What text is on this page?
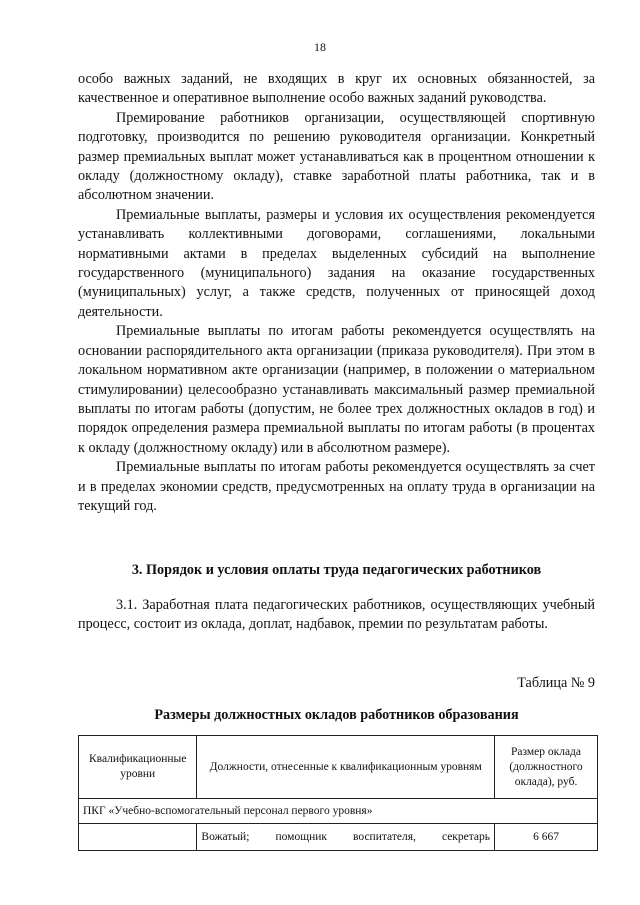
18

особо важных заданий, не входящих в круг их основных обязанностей, за качественное и оперативное выполнение особо важных заданий руководства.

Премирование работников организации, осуществляющей спортивную подготовку, производится по решению руководителя организации. Конкретный размер премиальных выплат может устанавливаться как в процентном отношении к окладу (должностному окладу), ставке заработной платы работника, так и в абсолютном значении.

Премиальные выплаты, размеры и условия их осуществления рекомендуется устанавливать коллективными договорами, соглашениями, локальными нормативными актами в пределах выделенных субсидий на выполнение государственного (муниципального) задания на оказание государственных (муниципальных) услуг, а также средств, полученных от приносящей доход деятельности.

Премиальные выплаты по итогам работы рекомендуется осуществлять на основании распорядительного акта организации (приказа руководителя). При этом в локальном нормативном акте организации (например, в положении о материальном стимулировании) целесообразно устанавливать максимальный размер премиальной выплаты по итогам работы (допустим, не более трех должностных окладов в год) и порядок определения размера премиальной выплаты по итогам работы (в процентах к окладу (должностному окладу) или в абсолютном размере).

Премиальные выплаты по итогам работы рекомендуется осуществлять за счет и в пределах экономии средств, предусмотренных на оплату труда в организации на текущий год.

3. Порядок и условия оплаты труда педагогических работников

3.1. Заработная плата педагогических работников, осуществляющих учебный процесс, состоит из оклада, доплат, надбавок, премии по результатам работы.

Таблица № 9
Размеры должностных окладов работников образования
Квалификационные уровни	Должности, отнесенные к квалификационным уровням	Размер оклада (должностного оклада), руб.
ПКГ «Учебно-вспомогательный персонал первого уровня»		
	Вожатый; помощник воспитателя, секретарь	6 667
